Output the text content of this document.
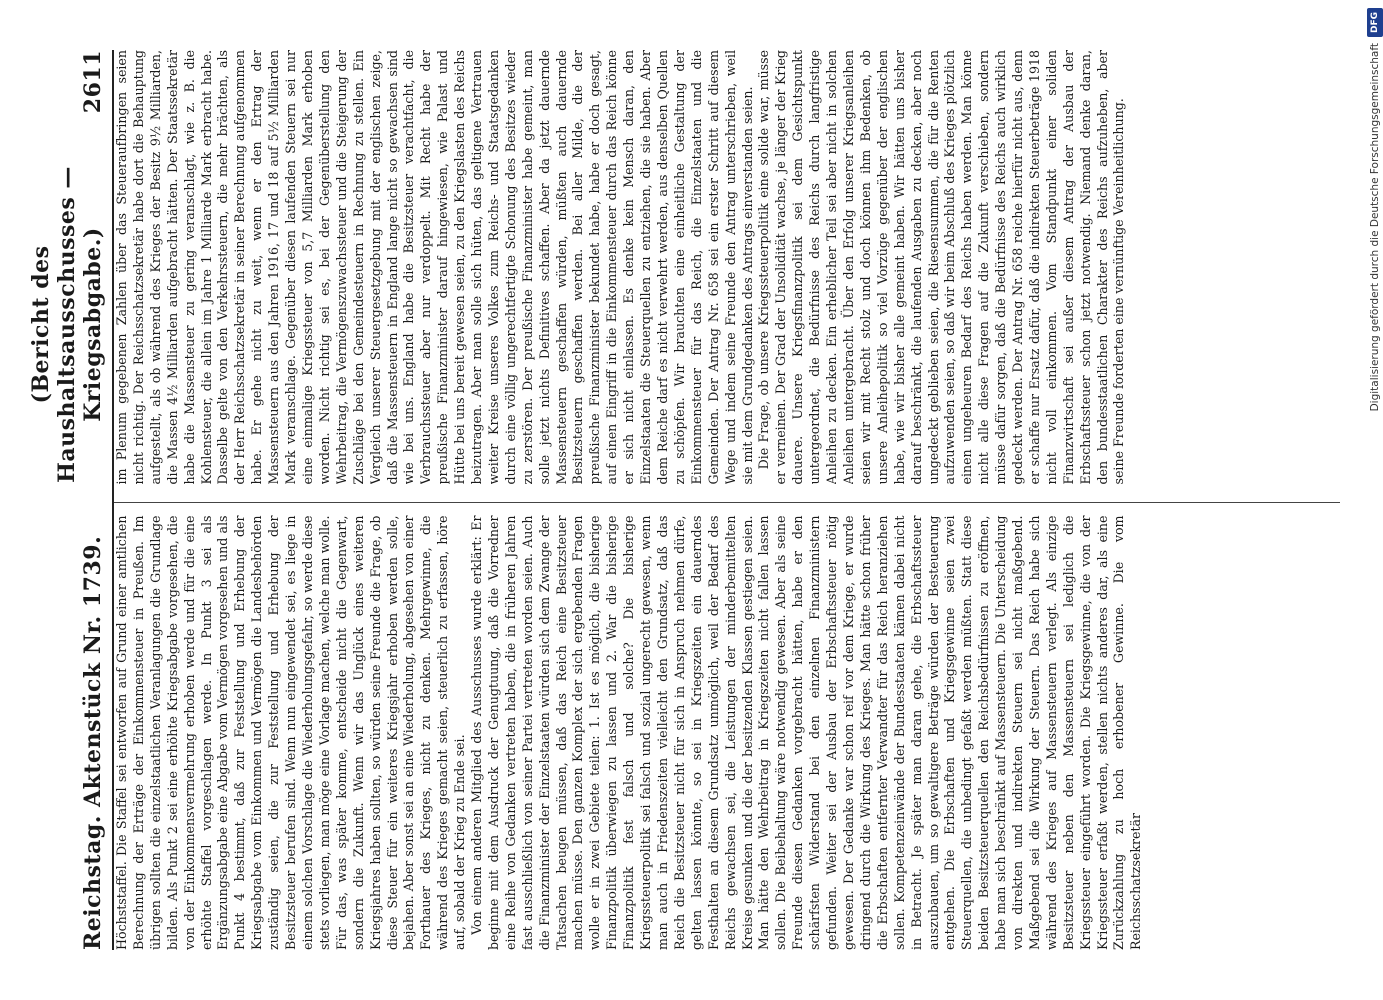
Reichstag. Aktenstück Nr. 1739.
(Bericht des Haushaltsausschusses — Kriegsabgabe.)
2611

Höchststaffel. Die Staffel sei entworfen auf Grund einer amtlichen Berechnung der Erträge der Einkommensteuer in Preußen. Im übrigen sollten die einzelstaatlichen Veranlagungen die Grundlage bilden. Als Punkt 2 sei eine erhöhte Kriegsabgabe vorgesehen, die von der Einkommensvermehrung erhoben werde und für die eine erhöhte Staffel vorgeschlagen werde. In Punkt 3 sei als Ergänzungsabgabe eine Abgabe vom Vermögen vorgesehen und als Punkt 4 bestimmt, daß zur Feststellung und Erhebung der Kriegsabgabe vom Einkommen und Vermögen die Landesbehörden zuständig seien, die zur Feststellung und Erhebung der Besitzsteuer berufen sind. Wenn nun eingewendet sei, es liege in einem solchen Vorschlage die Wiederholungsgefahr, so werde diese stets vorliegen, man möge eine Vorlage machen, welche man wolle. Für das, was später komme, entscheide nicht die Gegenwart, sondern die Zukunft. Wenn wir das Unglück eines weiteren Kriegsjahres haben sollten, so würden seine Freunde die Frage, ob diese Steuer für ein weiteres Kriegsjahr erhoben werden solle, bejahen. Aber sonst sei an eine Wiederholung, abgesehen von einer Forthauer des Krieges, nicht zu denken. Mehrgewinne, die während des Krieges gemacht seien, steuerlich zu erfassen, höre auf, sobald der Krieg zu Ende sei. Von einem anderen Mitglied des Ausschusses wurde erklärt: Er beginne mit dem Ausdruck der Genugtuung, daß die Vorredner eine Reihe von Gedanken vertreten haben, die in früheren Jahren fast ausschließlich von seiner Partei vertreten worden seien. Auch die Finanzminister der Einzelstaaten würden sich dem Zwange der Tatsachen beugen müssen, daß das Reich eine Besitzsteuer machen müsse. Den ganzen Komplex der sich ergebenden Fragen wolle er in zwei Gebiete teilen: 1. Ist es möglich, die bisherige Finanzpolitik überwiegen zu lassen und 2. War die bisherige Finanzpolitik fest falsch und solche? Die bisherige Kriegssteuerpolitik sei falsch und sozial ungerecht gewesen, wenn man auch in Friedenszeiten vielleicht den Grundsatz, daß das Reich die Besitzsteuer nicht für sich in Anspruch nehmen dürfe, gelten lassen könnte, so sei in Kriegszeiten ein dauerndes Festhalten an diesem Grundsatz unmöglich, weil der Bedarf des Reichs gewachsen sei, die Leistungen der minderbemittelten Kreise gesunken und die der besitzenden Klassen gestiegen seien. Man hätte den Wehrbeitrag in Kriegszeiten nicht fallen lassen sollen. Die Beibehaltung wäre notwendig gewesen. Aber als seine Freunde diesen Gedanken vorgebracht hätten, habe er den schärfsten Widerstand bei den einzelnen Finanzministern gefunden. Weiter sei der Ausbau der Erbschaftssteuer nötig gewesen. Der Gedanke war schon reif vor dem Kriege, er wurde dringend durch die Wirkung des Krieges. Man hätte schon früher die Erbschaften entfernter Verwandter für das Reich heranziehen sollen. Kompetenzeinwände der Bundesstaaten kämen dabei nicht in Betracht. Je später man daran gehe, die Erbschaftssteuer auszubauen, um so gewaltigere Beträge würden der Besteuerung entgehen. Die Erbschaften und Kriegsgewinne seien zwei Steuerquellen, die unbedingt gefaßt werden müßten. Statt diese beiden Besitzsteuerquellen den Reichsbedürfnissen zu eröffnen, habe man sich beschränkt auf Massensteuern. Die Unterscheidung von direkten und indirekten Steuern sei nicht maßgebend. Maßgebend sei die Wirkung der Steuern. Das Reich habe sich während des Krieges auf Massensteuern verlegt. Als einzige Besitzsteuer neben den Massensteuern sei lediglich die Kriegssteuer eingeführt worden. Die Kriegsgewinne, die von der Kriegssteuer erfaßt werden, stellen nichts anderes dar, als eine Zurückzahlung zu hoch erhobener Gewinne. Die vom Reichsschatzsekretär

im Plenum gegebenen Zahlen über das Steueraufbringen seien nicht richtig. Der Reichsschatzsekretär habe dort die Behauptung aufgestellt, als ob während des Krieges der Besitz 9½ Milliarden, die Massen 4½ Milliarden aufgebracht hätten. Der Staatssekretär habe die Massensteuer zu gering veranschlagt, wie z. B. die Kohlensteuer, die allein im Jahre 1 Milliarde Mark erbracht habe. Dasselbe gelte von den Verkehrssteuern, die mehr brächten, als der Herr Reichsschatzsekretär in seiner Berechnung aufgenommen habe. Er gehe nicht zu weit, wenn er den Ertrag der Massensteuern aus den Jahren 1916, 17 und 18 auf 5½ Milliarden Mark veranschlage. Gegenüber diesen laufenden Steuern sei nur eine einmalige Kriegssteuer von 5,7 Milliarden Mark erhoben worden. Nicht richtig sei es, bei der Gegenüberstellung den Wehrbeitrag, die Vermögenszuwachssteuer und die Steigerung der Zuschläge bei den Gemeindesteuern in Rechnung zu stellen. Ein Vergleich unserer Steuergesetzgebung mit der englischen zeige, daß die Massensteuern in England lange nicht so gewachsen sind wie bei uns. England habe die Besitzsteuer verachtfacht, die Verbrauchssteuer aber nur verdoppelt. Mit Recht habe der preußische Finanzminister darauf hingewiesen, wie Palast und Hütte bei uns bereit gewesen seien, zu den Kriegslasten des Reichs beizutragen. Aber man solle sich hüten, das geltigene Vertrauen weiter Kreise unseres Volkes zum Reichs- und Staatsgedanken durch eine völlig ungerechtfertigte Schonung des Besitzes wieder zu zerstören. Der preußische Finanzminister habe gemeint, man solle jetzt nichts Definitives schaffen. Aber da jetzt dauernde Massensteuern geschaffen würden, müßten auch dauernde Besitzsteuern geschaffen werden. Bei aller Milde, die der preußische Finanzminister bekundet habe, habe er doch gesagt, auf einen Eingriff in die Einkommensteuer durch das Reich könne er sich nicht einlassen. Es denke kein Mensch daran, den Einzelstaaten die Steuerquellen zu entziehen, die sie haben. Aber dem Reiche darf es nicht verwehrt werden, aus denselben Quellen zu schöpfen. Wir brauchten eine einheitliche Gestaltung der Einkommensteuer für das Reich, die Einzelstaaten und die Gemeinden. Der Antrag Nr. 658 sei ein erster Schritt auf diesem Wege und indem seine Freunde den Antrag unterschrieben, weil sie mit dem Grundgedanken des Antrags einverstanden seien. Die Frage, ob unsere Kriegssteuerpolitik eine solide war, müsse er verneinen. Der Grad der Unsolidität wachse, je länger der Krieg dauere. Unsere Kriegsfinanzpolitik sei dem Gesichtspunkt untergeordnet, die Bedürfnisse des Reichs durch langfristige Anleihen zu decken. Ein erheblicher Teil sei aber nicht in solchen Anleihen untergebracht. Über den Erfolg unserer Kriegsanleihen seien wir mit Recht stolz und doch können ihm Bedenken, ob unsere Anleihepolitik so viel Vorzüge gegenüber der englischen habe, wie wir bisher alle gemeint haben. Wir hätten uns bisher darauf beschränkt, die laufenden Ausgaben zu decken, aber noch ungedeckt geblieben seien, die Riesensummen, die für die Renten aufzuwenden seien, so daß wir beim Abschluß des Krieges plötzlich einen ungeheuren Bedarf des Reichs haben werden. Man könne nicht alle diese Fragen auf die Zukunft verschieben, sondern müsse dafür sorgen, daß die Bedürfnisse des Reichs auch wirklich gedeckt werden. Der Antrag Nr. 658 reiche hierfür nicht aus, denn er schaffe nur Ersatz dafür, daß die indirekten Steuerbeträge 1918 nicht voll einkommen. Vom Standpunkt einer soliden Finanzwirtschaft sei außer diesem Antrag der Ausbau der Erbschaftssteuer schon jetzt notwendig. Niemand denke daran, den bundesstaatlichen Charakter des Reichs aufzuheben, aber seine Freunde forderten eine vernünftige Vereinheitlichung.	Digitalisierung gefördert durch die Deutsche Forschungsgemeinschaft
DFG
